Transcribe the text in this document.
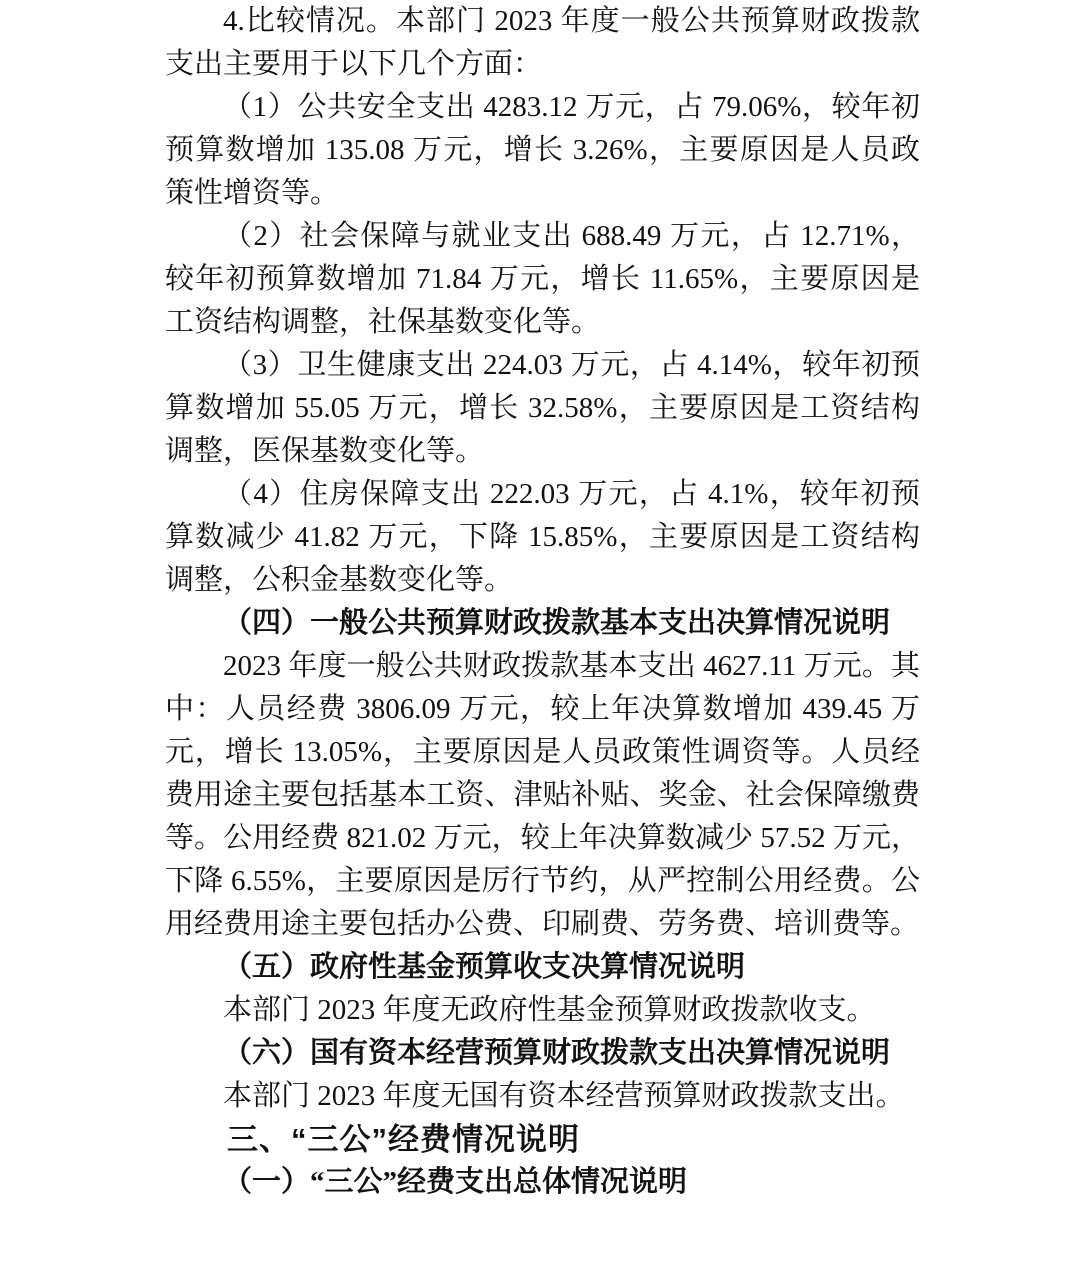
4.比较情况。本部门 2023 年度一般公共预算财政拨款支出主要用于以下几个方面：

（1）公共安全支出 4283.12 万元，占 79.06%，较年初预算数增加 135.08 万元，增长 3.26%，主要原因是人员政策性增资等。

（2）社会保障与就业支出 688.49 万元，占 12.71%，较年初预算数增加 71.84 万元，增长 11.65%，主要原因是工资结构调整，社保基数变化等。

（3）卫生健康支出 224.03 万元，占 4.14%，较年初预算数增加 55.05 万元，增长 32.58%，主要原因是工资结构调整，医保基数变化等。

（4）住房保障支出 222.03 万元，占 4.1%，较年初预算数减少 41.82 万元，下降 15.85%，主要原因是工资结构调整，公积金基数变化等。

（四）一般公共预算财政拨款基本支出决算情况说明

2023 年度一般公共财政拨款基本支出 4627.11 万元。其中：人员经费 3806.09 万元，较上年决算数增加 439.45 万元，增长 13.05%，主要原因是人员政策性调资等。人员经费用途主要包括基本工资、津贴补贴、奖金、社会保障缴费等。公用经费 821.02 万元，较上年决算数减少 57.52 万元，下降 6.55%，主要原因是厉行节约，从严控制公用经费。公用经费用途主要包括办公费、印刷费、劳务费、培训费等。

（五）政府性基金预算收支决算情况说明

本部门 2023 年度无政府性基金预算财政拨款收支。

（六）国有资本经营预算财政拨款支出决算情况说明

本部门 2023 年度无国有资本经营预算财政拨款支出。

三、“三公”经费情况说明

（一）“三公”经费支出总体情况说明
